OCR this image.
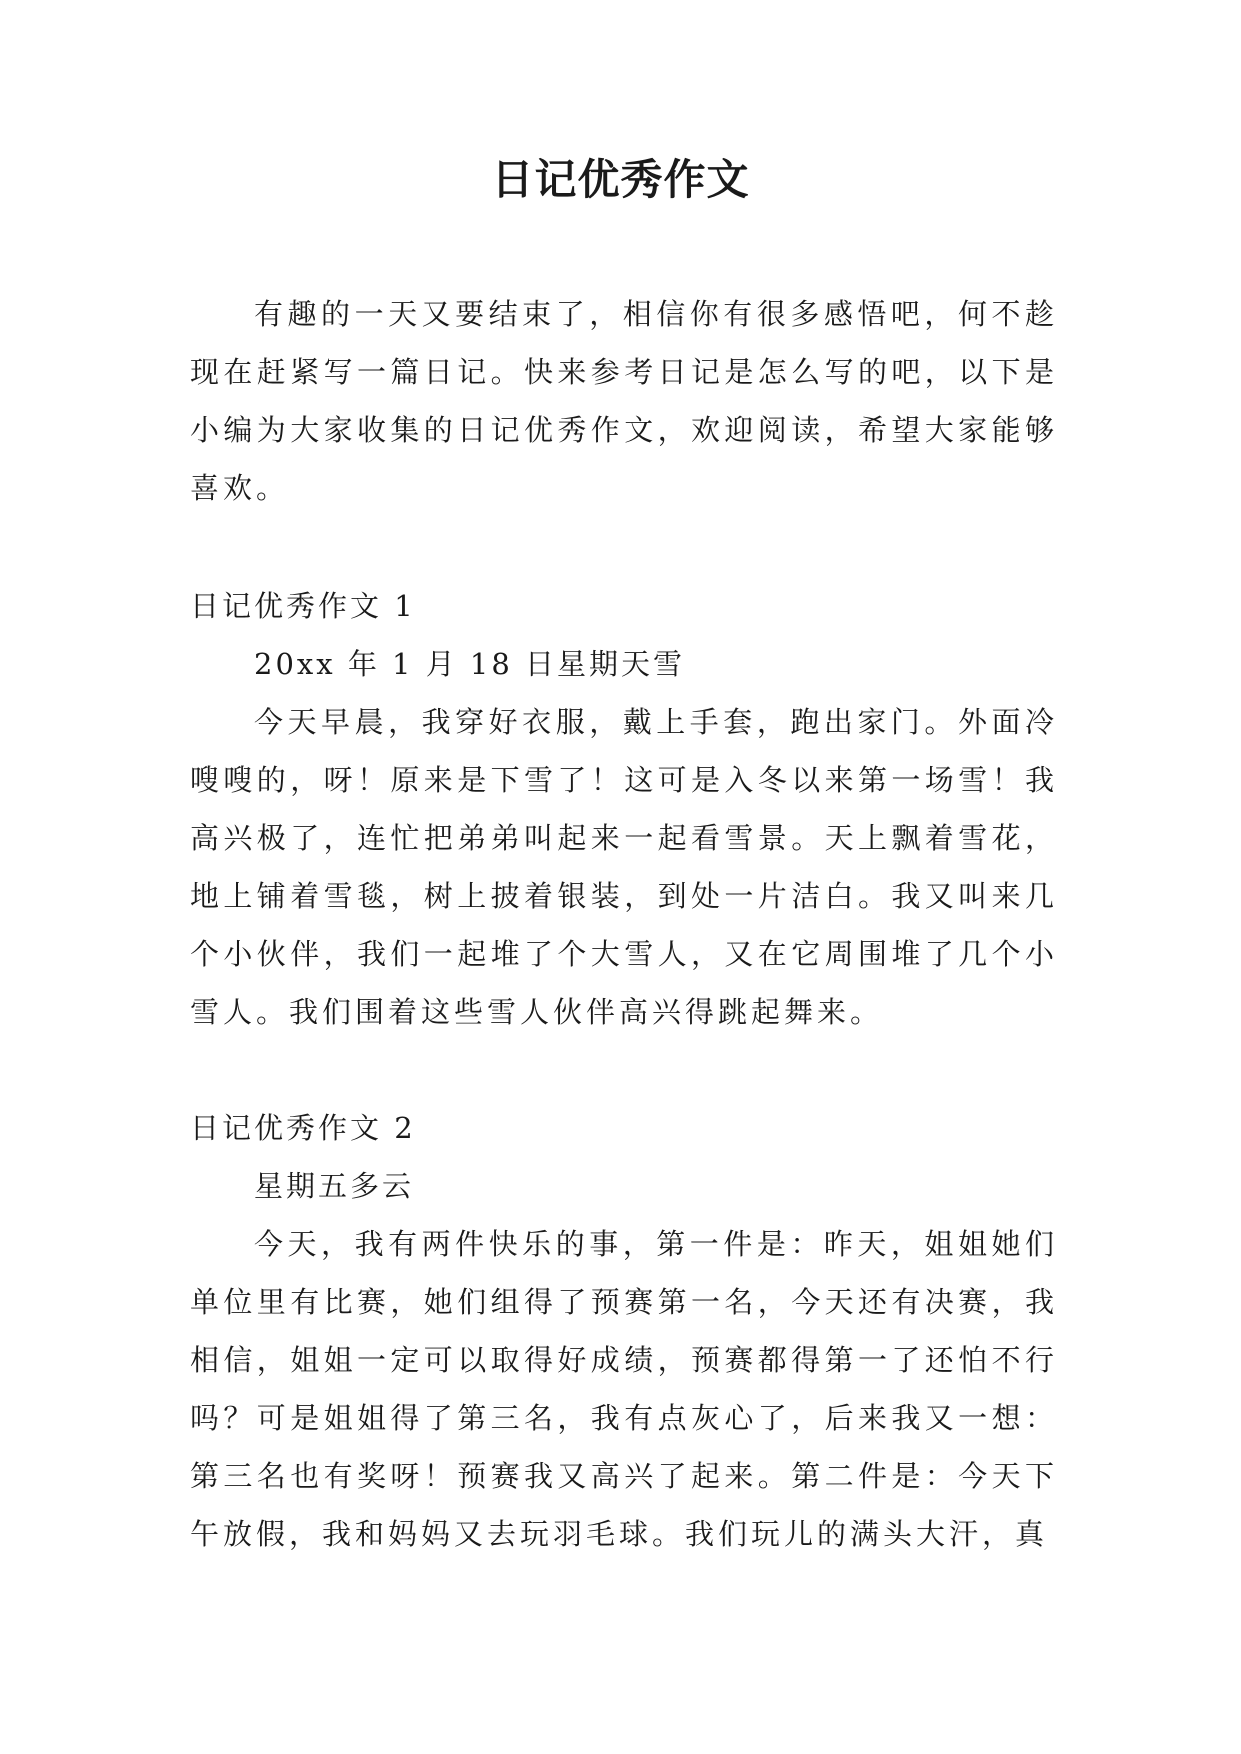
日记优秀作文

有趣的一天又要结束了，相信你有很多感悟吧，何不趁现在赶紧写一篇日记。快来参考日记是怎么写的吧，以下是小编为大家收集的日记优秀作文，欢迎阅读，希望大家能够喜欢。

日记优秀作文 1

20xx 年 1 月 18 日星期天雪

今天早晨，我穿好衣服，戴上手套，跑出家门。外面冷嗖嗖的，呀！原来是下雪了！这可是入冬以来第一场雪！我高兴极了，连忙把弟弟叫起来一起看雪景。天上飘着雪花，地上铺着雪毯，树上披着银装，到处一片洁白。我又叫来几个小伙伴，我们一起堆了个大雪人，又在它周围堆了几个小雪人。我们围着这些雪人伙伴高兴得跳起舞来。

日记优秀作文 2

星期五多云

今天，我有两件快乐的事，第一件是：昨天，姐姐她们单位里有比赛，她们组得了预赛第一名，今天还有决赛，我相信，姐姐一定可以取得好成绩，预赛都得第一了还怕不行吗？可是姐姐得了第三名，我有点灰心了，后来我又一想：第三名也有奖呀！预赛我又高兴了起来。第二件是：今天下午放假，我和妈妈又去玩羽毛球。我们玩儿的满头大汗，真
